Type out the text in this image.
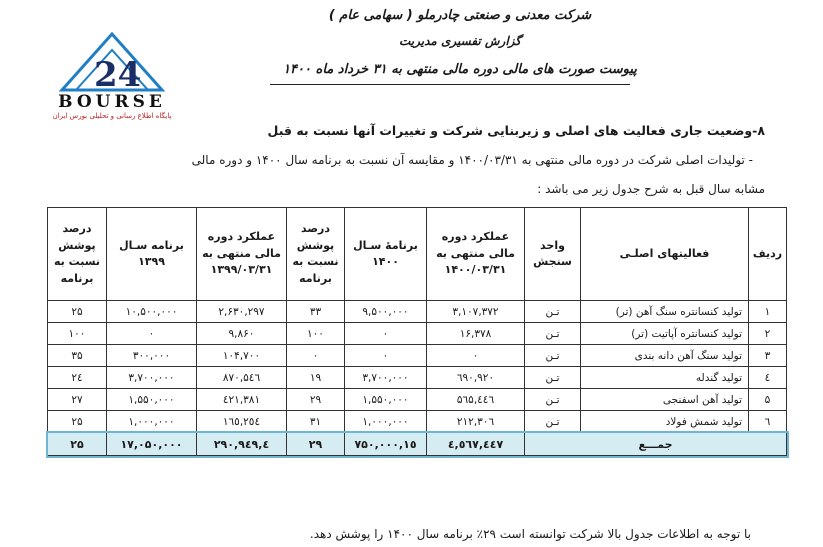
24
BOURSE
پایگاه اطلاع رسانی و تحلیلی بورس ایران
شرکت معدنی و صنعتی چادرملو ( سهامی عام )
گزارش تفسیری مدیریت
پیوست صورت های مالی دوره مالی منتهی به ۳۱ خرداد ماه ۱۴۰۰
۸-وضعیت جاری فعالیت های اصلی و زیربنایی شرکت و تغییرات آنها نسبت به قبل
- تولیدات اصلی شرکت در دوره مالی منتهی به ۱۴۰۰/۰۳/۳۱ و مقایسه آن نسبت به برنامه سال ۱۴۰۰ و دوره مالی
مشابه سال قبل به شرح جدول زیر می باشد :
ردیف	فعالیتهای اصلـی	واحد سنجش	عملکرد دوره مالی منتهی به ۱۴۰۰/۰۳/۳۱	برنامهٔ سـال ۱۴۰۰	درصد پوشش نسبت به برنامه	عملکرد دوره مالی منتهی به ۱۳۹۹/۰۳/۳۱	برنامه سـال ۱۳۹۹	درصد پوشش نسبت به برنامه
۱	تولید کنسانتره سنگ آهن (تر)	تـن	۳,۱۰۷,۳۷۲	۹,۵۰۰,۰۰۰	۳۳	۲,۶۳۰,۲۹۷	۱۰,۵۰۰,۰۰۰	۲۵
۲	تولید کنسانتره آپاتیت (تر)	تـن	۱۶,۳۷۸	۰	۱۰۰	۹,۸۶۰	۰	۱۰۰
۳	تولید سنگ آهن دانه بندی	تـن	۰	۰	۰	۱۰۴,۷۰۰	۳۰۰,۰۰۰	۳۵
٤	تولید گندله	تـن	٦٩۰,۹۲۰	۳,۷۰۰,۰۰۰	۱۹	۸۷۰,۵٤٦	۳,۷۰۰,۰۰۰	۲٤
۵	تولید آهن اسفنجی	تـن	٤٤٦,۵٦۵	۱,۵۵۰,۰۰۰	۲۹	٤۲۱,۳۸۱	۱,۵۵۰,۰۰۰	۲۷
٦	تولید شمش فولاد	تـن	۳۰٦,۲۱۲	۱,۰۰۰,۰۰۰	۳۱	۲٥٤,۱٦٥	۱,۰۰۰,۰۰۰	۲۵
جمـــع			٤,٥٦٧,٤٤٧	۱٥,۷۵۰,۰۰۰	۲۹	٤,۲۹۰,۹٤۹	۱۷,۰۵۰,۰۰۰	۲۵
با توجه به اطلاعات جدول بالا شرکت توانسته است ۲۹٪ برنامه سال ۱۴۰۰ را پوشش دهد.
